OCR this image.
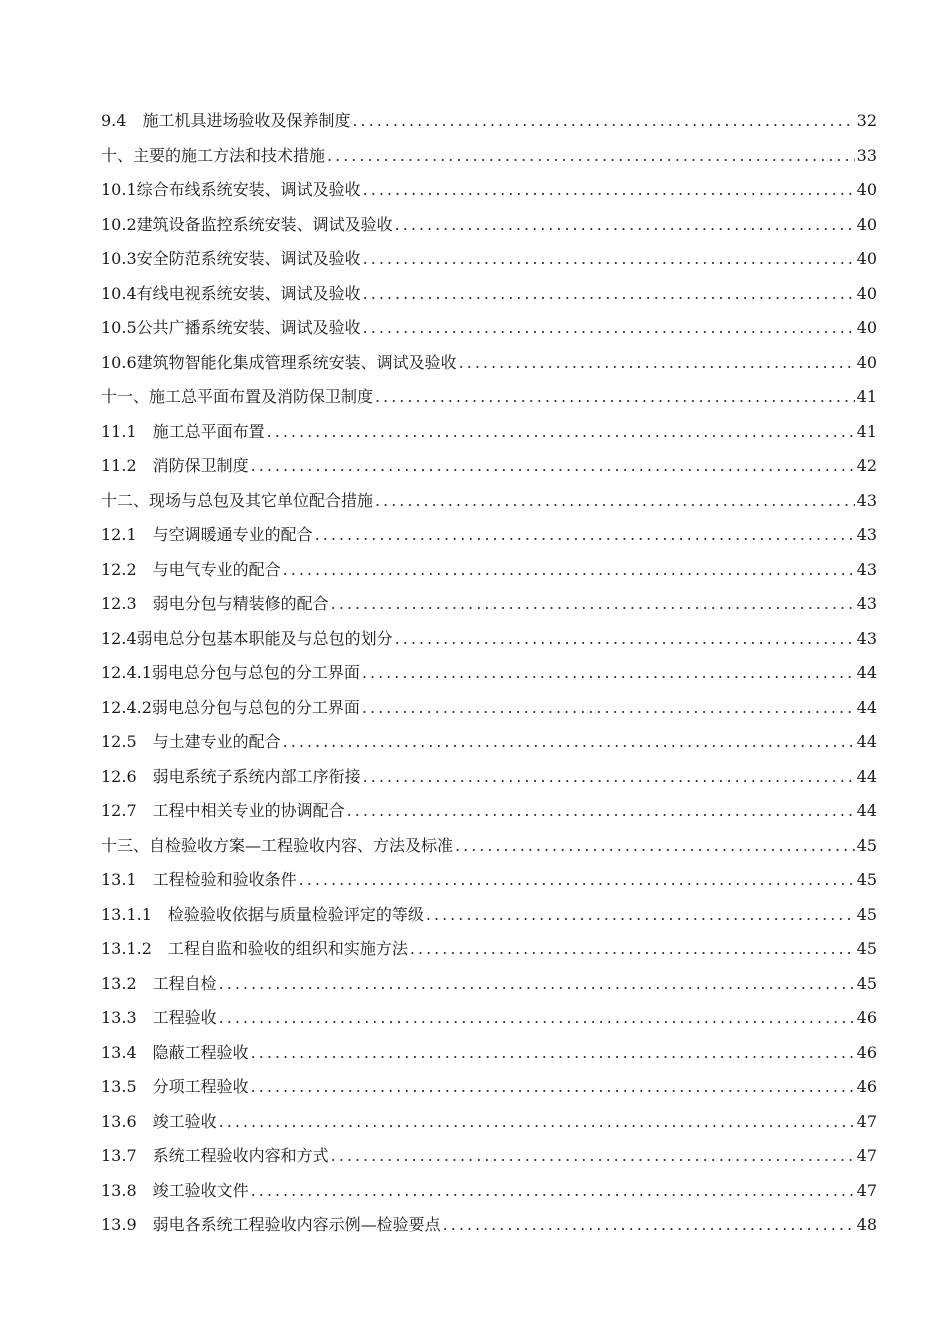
9.4　施工机具进场验收及保养制度 .....	32
十、主要的施工方法和技术措施 .....	33
10.1综合布线系统安装、调试及验收 .....	40
10.2建筑设备监控系统安装、调试及验收 .....	40
10.3安全防范系统安装、调试及验收 .....	40
10.4有线电视系统安装、调试及验收 .....	40
10.5公共广播系统安装、调试及验收 .....	40
10.6建筑物智能化集成管理系统安装、调试及验收 .....	40
十一、施工总平面布置及消防保卫制度 .....	41
11.1　施工总平面布置 .....	41
11.2　消防保卫制度 .....	42
十二、现场与总包及其它单位配合措施 .....	43
12.1　与空调暖通专业的配合 .....	43
12.2　与电气专业的配合 .....	43
12.3　弱电分包与精装修的配合 .....	43
12.4弱电总分包基本职能及与总包的划分 .....	43
12.4.1弱电总分包与总包的分工界面 .....	44
12.4.2弱电总分包与总包的分工界面 .....	44
12.5　与土建专业的配合 .....	44
12.6　弱电系统子系统内部工序衔接 .....	44
12.7　工程中相关专业的协调配合 .....	44
十三、自检验收方案—工程验收内容、方法及标准 .....	45
13.1　工程检验和验收条件 .....	45
13.1.1　检验验收依据与质量检验评定的等级 .....	45
13.1.2　工程自监和验收的组织和实施方法 .....	45
13.2　工程自检 .....	45
13.3　工程验收 .....	46
13.4　隐蔽工程验收 .....	46
13.5　分项工程验收 .....	46
13.6　竣工验收 .....	47
13.7　系统工程验收内容和方式 .....	47
13.8　竣工验收文件 .....	47
13.9　弱电各系统工程验收内容示例—检验要点 .....	48
